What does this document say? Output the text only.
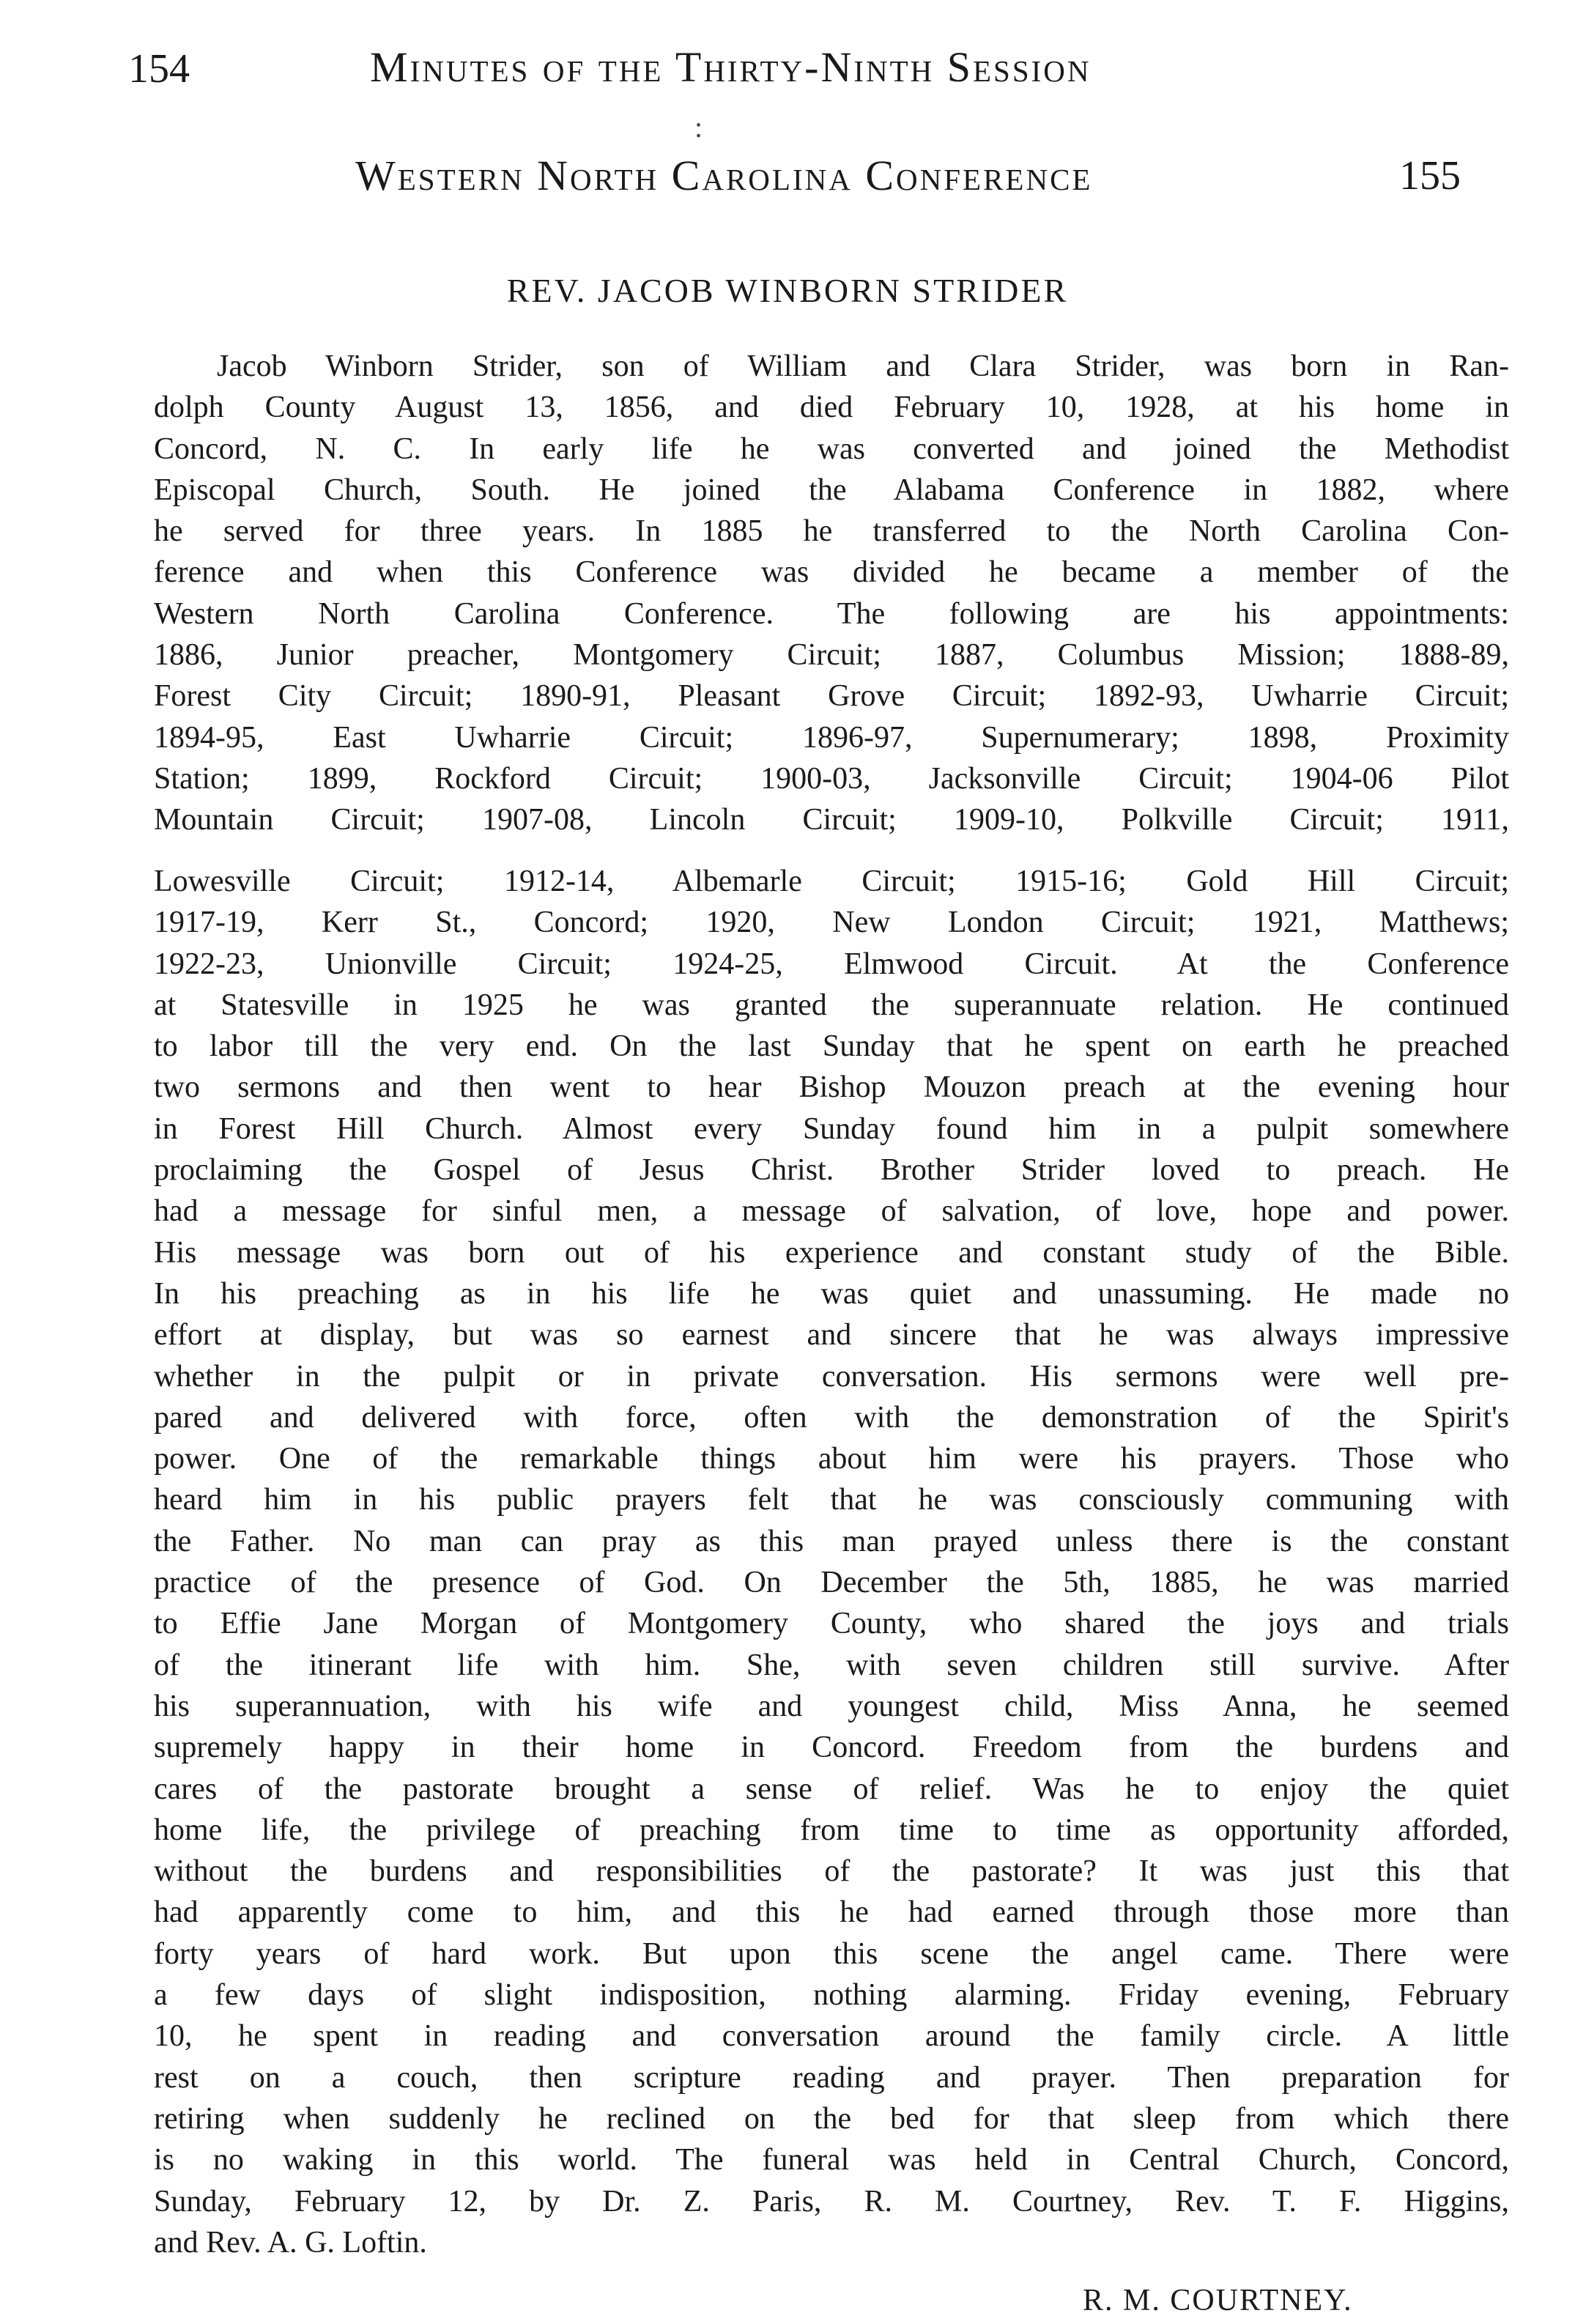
154	Minutes of the Thirty-Ninth Session
:
Western North Carolina Conference	155
REV. JACOB WINBORN STRIDER
Jacob Winborn Strider, son of William and Clara Strider, was born in Ran-
dolph County August 13, 1856, and died February 10, 1928, at his home in
Concord, N. C. In early life he was converted and joined the Methodist
Episcopal Church, South. He joined the Alabama Conference in 1882, where
he served for three years. In 1885 he transferred to the North Carolina Con-
ference and when this Conference was divided he became a member of the
Western North Carolina Conference. The following are his appointments:
1886, Junior preacher, Montgomery Circuit; 1887, Columbus Mission; 1888-89,
Forest City Circuit; 1890-91, Pleasant Grove Circuit; 1892-93, Uwharrie Circuit;
1894-95, East Uwharrie Circuit; 1896-97, Supernumerary; 1898, Proximity
Station; 1899, Rockford Circuit; 1900-03, Jacksonville Circuit; 1904-06 Pilot
Mountain Circuit; 1907-08, Lincoln Circuit; 1909-10, Polkville Circuit; 1911,
Lowesville Circuit; 1912-14, Albemarle Circuit; 1915-16; Gold Hill Circuit;
1917-19, Kerr St., Concord; 1920, New London Circuit; 1921, Matthews;
1922-23, Unionville Circuit; 1924-25, Elmwood Circuit. At the Conference
at Statesville in 1925 he was granted the superannuate relation. He continued
to labor till the very end. On the last Sunday that he spent on earth he preached
two sermons and then went to hear Bishop Mouzon preach at the evening hour
in Forest Hill Church. Almost every Sunday found him in a pulpit somewhere
proclaiming the Gospel of Jesus Christ. Brother Strider loved to preach. He
had a message for sinful men, a message of salvation, of love, hope and power.
His message was born out of his experience and constant study of the Bible.
In his preaching as in his life he was quiet and unassuming. He made no
effort at display, but was so earnest and sincere that he was always impressive
whether in the pulpit or in private conversation. His sermons were well pre-
pared and delivered with force, often with the demonstration of the Spirit's
power. One of the remarkable things about him were his prayers. Those who
heard him in his public prayers felt that he was consciously communing with
the Father. No man can pray as this man prayed unless there is the constant
practice of the presence of God. On December the 5th, 1885, he was married
to Effie Jane Morgan of Montgomery County, who shared the joys and trials
of the itinerant life with him. She, with seven children still survive. After
his superannuation, with his wife and youngest child, Miss Anna, he seemed
supremely happy in their home in Concord. Freedom from the burdens and
cares of the pastorate brought a sense of relief. Was he to enjoy the quiet
home life, the privilege of preaching from time to time as opportunity afforded,
without the burdens and responsibilities of the pastorate? It was just this that
had apparently come to him, and this he had earned through those more than
forty years of hard work. But upon this scene the angel came. There were
a few days of slight indisposition, nothing alarming. Friday evening, February
10, he spent in reading and conversation around the family circle. A little
rest on a couch, then scripture reading and prayer. Then preparation for
retiring when suddenly he reclined on the bed for that sleep from which there
is no waking in this world. The funeral was held in Central Church, Concord,
Sunday, February 12, by Dr. Z. Paris, R. M. Courtney, Rev. T. F. Higgins,
and Rev. A. G. Loftin.
R. M. COURTNEY.
